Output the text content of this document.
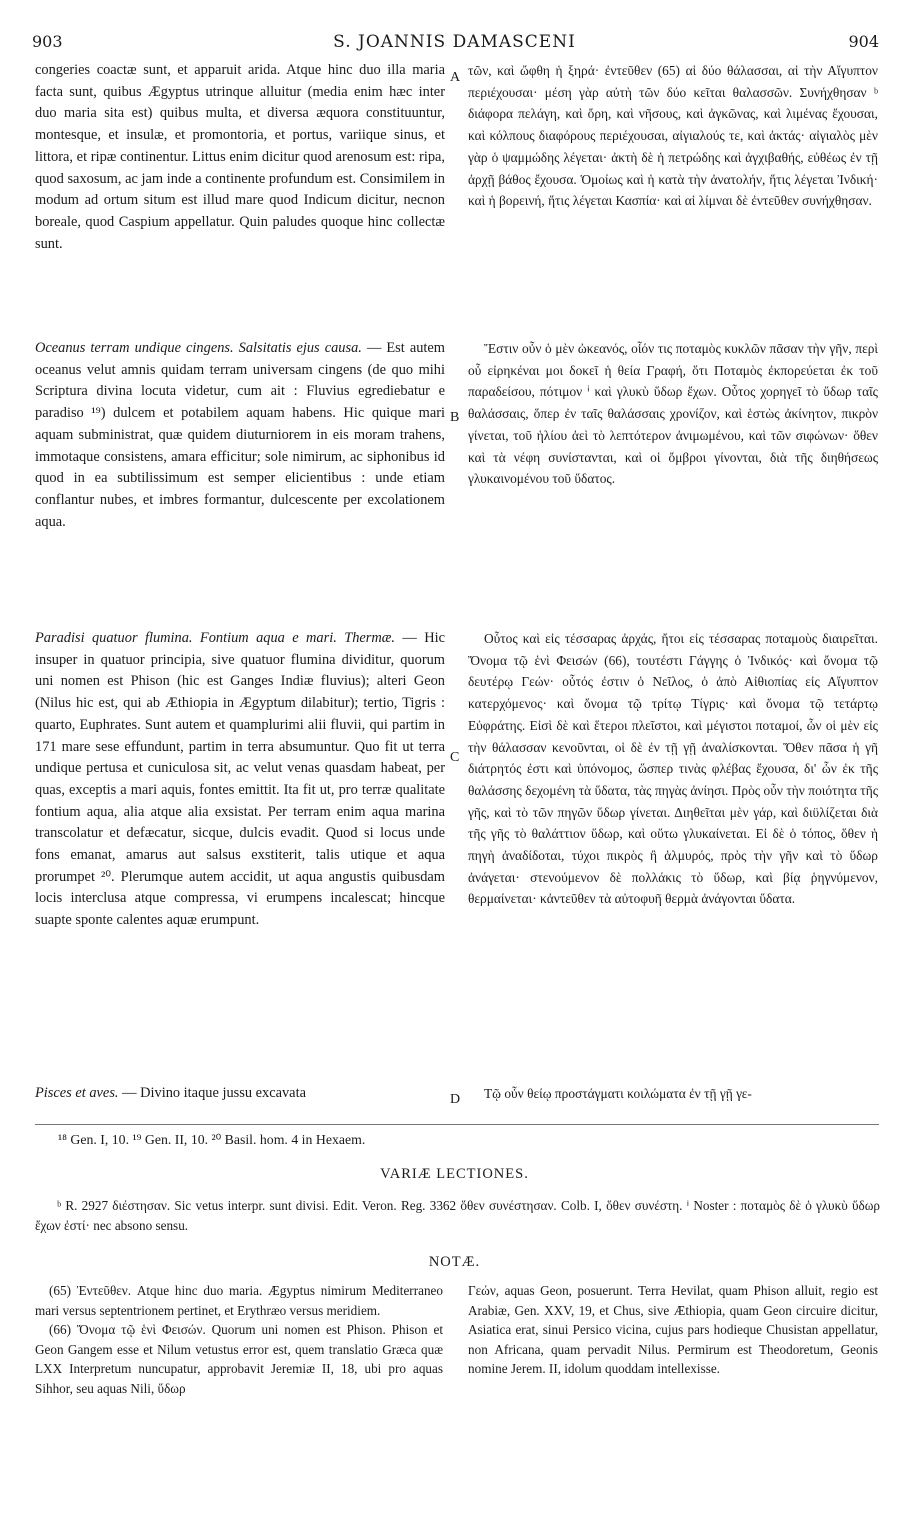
903	S. JOANNIS DAMASCENI	904
A
B
C
D

congeries coactæ sunt, et apparuit arida. Atque hinc duo illa maria facta sunt, quibus Ægyptus utrinque alluitur (media enim hæc inter duo maria sita est) quibus multa, et diversa æquora constituuntur, montesque, et insulæ, et promontoria, et portus, variique sinus, et littora, et ripæ continentur. Littus enim dicitur quod arenosum est: ripa, quod saxosum, ac jam inde a continente profundum est. Consimilem in modum ad ortum situm est illud mare quod Indicum dicitur, necnon boreale, quod Caspium appellatur. Quin paludes quoque hinc collectæ sunt.

Oceanus terram undique cingens. Salsitatis ejus causa. — Est autem oceanus velut amnis quidam terram universam cingens (de quo mihi Scriptura divina locuta videtur, cum ait : Fluvius egrediebatur e paradiso ¹⁹) dulcem et potabilem aquam habens. Hic quique mari aquam subministrat, quæ quidem diuturniorem in eis moram trahens, immotaque consistens, amara efficitur; sole nimirum, ac siphonibus id quod in ea subtilissimum est semper elicientibus : unde etiam conflantur nubes, et imbres formantur, dulcescente per excolationem aqua.

Paradisi quatuor flumina. Fontium aqua e mari. Thermæ. — Hic insuper in quatuor principia, sive quatuor flumina dividitur, quorum uni nomen est Phison (hic est Ganges Indiæ fluvius); alteri Geon (Nilus hic est, qui ab Æthiopia in Ægyptum dilabitur); tertio, Tigris : quarto, Euphrates. Sunt autem et quamplurimi alii fluvii, qui partim in 171 mare sese effundunt, partim in terra absumuntur. Quo fit ut terra undique pertusa et cuniculosa sit, ac velut venas quasdam habeat, per quas, exceptis a mari aquis, fontes emittit. Ita fit ut, pro terræ qualitate fontium aqua, alia atque alia exsistat. Per terram enim aqua marina transcolatur et defæcatur, sicque, dulcis evadit. Quod si locus unde fons emanat, amarus aut salsus exstiterit, talis utique et aqua prorumpet ²⁰. Plerumque autem accidit, ut aqua angustis quibusdam locis interclusa atque compressa, vi erumpens incalescat; hincque suapte sponte calentes aquæ erumpunt.

Pisces et aves. — Divino itaque jussu excavata

τῶν, καὶ ὤφθη ἡ ξηρά· ἐντεῦθεν (65) αἱ δύο θάλασσαι, αἱ τὴν Αἴγυπτον περιέχουσαι· μέση γὰρ αὐτὴ τῶν δύο κεῖται θαλασσῶν. Συνήχθησαν ᵇ διάφορα πελάγη, καὶ ὄρη, καὶ νῆσους, καὶ ἀγκῶνας, καὶ λιμένας ἔχουσαι, καὶ κόλπους διαφόρους περιέχουσαι, αἰγιαλούς τε, καὶ ἀκτάς· αἰγιαλὸς μὲν γὰρ ὁ ψαμμώδης λέγεται· ἀκτὴ δὲ ἡ πετρώδης καὶ ἀγχιβαθής, εὐθέως ἐν τῇ ἀρχῇ βάθος ἔχουσα. Ὁμοίως καὶ ἡ κατὰ τὴν ἀνατολήν, ἥτις λέγεται Ἰνδική· καὶ ἡ βορεινή, ἥτις λέγεται Κασπία· καὶ αἱ λίμναι δὲ ἐντεῦθεν συνήχθησαν.

Ἔστιν οὖν ὁ μὲν ὠκεανός, οἷόν τις ποταμὸς κυκλῶν πᾶσαν τὴν γῆν, περὶ οὗ εἰρηκέναι μοι δοκεῖ ἡ θεία Γραφή, ὅτι Ποταμὸς ἐκπορεύεται ἐκ τοῦ παραδείσου, πότιμον ⁱ καὶ γλυκὺ ὕδωρ ἔχων. Οὗτος χορηγεῖ τὸ ὕδωρ ταῖς θαλάσσαις, ὅπερ ἐν ταῖς θαλάσσαις χρονίζον, καὶ ἑστὼς ἀκίνητον, πικρὸν γίνεται, τοῦ ἡλίου ἀεὶ τὸ λεπτότερον ἀνιμωμένου, καὶ τῶν σιφώνων· ὅθεν καὶ τὰ νέφη συνίστανται, καὶ οἱ ὄμβροι γίνονται, διὰ τῆς διηθήσεως γλυκαινομένου τοῦ ὕδατος.

Οὗτος καὶ εἰς τέσσαρας ἀρχάς, ἤτοι εἰς τέσσαρας ποταμοὺς διαιρεῖται. Ὄνομα τῷ ἑνὶ Φεισών (66), τουτέστι Γάγγης ὁ Ἰνδικός· καὶ ὄνομα τῷ δευτέρῳ Γεών· οὗτός ἐστιν ὁ Νεῖλος, ὁ ἀπὸ Αἰθιοπίας εἰς Αἴγυπτον κατερχόμενος· καὶ ὄνομα τῷ τρίτῳ Τίγρις· καὶ ὄνομα τῷ τετάρτῳ Εὐφράτης. Εἰσὶ δὲ καὶ ἕτεροι πλεῖστοι, καὶ μέγιστοι ποταμοί, ὧν οἱ μὲν εἰς τὴν θάλασσαν κενοῦνται, οἱ δὲ ἐν τῇ γῇ ἀναλίσκονται. Ὅθεν πᾶσα ἡ γῆ διάτρητός ἐστι καὶ ὑπόνομος, ὥσπερ τινὰς φλέβας ἔχουσα, δι' ὧν ἐκ τῆς θαλάσσης δεχομένη τὰ ὕδατα, τὰς πηγὰς ἀνίησι. Πρὸς οὖν τὴν ποιότητα τῆς γῆς, καὶ τὸ τῶν πηγῶν ὕδωρ γίνεται. Διηθεῖται μὲν γάρ, καὶ διϋλίζεται διὰ τῆς γῆς τὸ θαλάττιον ὕδωρ, καὶ οὕτω γλυκαίνεται. Εἰ δὲ ὁ τόπος, ὅθεν ἡ πηγὴ ἀναδίδοται, τύχοι πικρὸς ἢ ἁλμυρός, πρὸς τὴν γῆν καὶ τὸ ὕδωρ ἀνάγεται· στενούμενον δὲ πολλάκις τὸ ὕδωρ, καὶ βίᾳ ῥηγνύμενον, θερμαίνεται· κἀντεῦθεν τὰ αὐτοφυῆ θερμὰ ἀνάγονται ὕδατα.

Τῷ οὖν θείῳ προστάγματι κοιλώματα ἐν τῇ γῇ γε-

¹⁸ Gen. I, 10. ¹⁹ Gen. II, 10. ²⁰ Basil. hom. 4 in Hexaem.
VARIÆ LECTIONES.

ᵇ R. 2927 διέστησαν. Sic vetus interpr. sunt divisi. Edit. Veron. Reg. 3362 ὅθεν συνέστησαν. Colb. I, ὅθεν συνέστη. ⁱ Noster : ποταμὸς δὲ ὁ γλυκὺ ὕδωρ ἔχων ἐστί· nec absono sensu.

NOTÆ.

(65) Ἐντεῦθεν. Atque hinc duo maria. Ægyptus nimirum Mediterraneo mari versus septentrionem pertinet, et Erythræo versus meridiem.

(66) Ὄνομα τῷ ἑνὶ Φεισών. Quorum uni nomen est Phison. Phison et Geon Gangem esse et Nilum vetustus error est, quem translatio Græca quæ LXX Interpretum nuncupatur, approbavit Jeremiæ II, 18, ubi pro aquas Sihhor, seu aquas Nili, ὕδωρ

Γεών, aquas Geon, posuerunt. Terra Hevilat, quam Phison alluit, regio est Arabiæ, Gen. XXV, 19, et Chus, sive Æthiopia, quam Geon circuire dicitur, Asiatica erat, sinui Persico vicina, cujus pars hodieque Chusistan appellatur, non Africana, quam pervadit Nilus. Permirum est Theodoretum, Geonis nomine Jerem. II, idolum quoddam intellexisse.
